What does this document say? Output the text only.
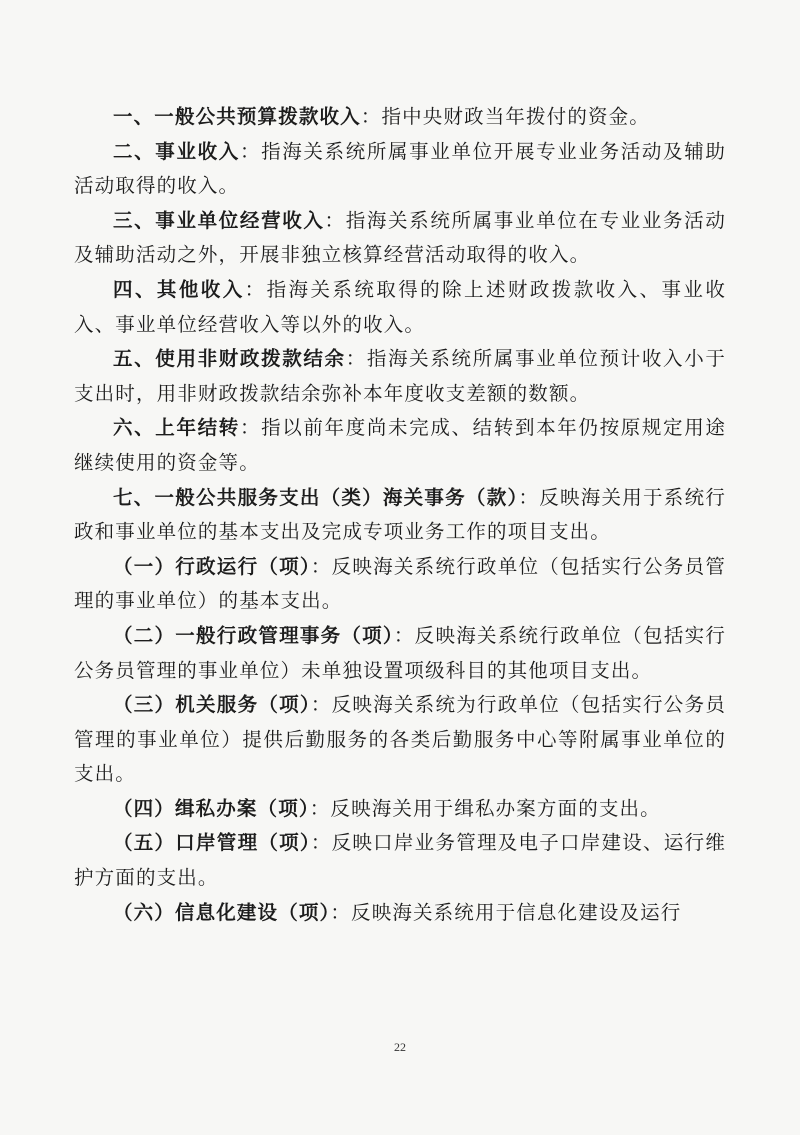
一、一般公共预算拨款收入：指中央财政当年拨付的资金。

二、事业收入：指海关系统所属事业单位开展专业业务活动及辅助活动取得的收入。

三、事业单位经营收入：指海关系统所属事业单位在专业业务活动及辅助活动之外，开展非独立核算经营活动取得的收入。

四、其他收入：指海关系统取得的除上述财政拨款收入、事业收入、事业单位经营收入等以外的收入。

五、使用非财政拨款结余：指海关系统所属事业单位预计收入小于支出时，用非财政拨款结余弥补本年度收支差额的数额。

六、上年结转：指以前年度尚未完成、结转到本年仍按原规定用途继续使用的资金等。

七、一般公共服务支出（类）海关事务（款）：反映海关用于系统行政和事业单位的基本支出及完成专项业务工作的项目支出。

（一）行政运行（项）：反映海关系统行政单位（包括实行公务员管理的事业单位）的基本支出。

（二）一般行政管理事务（项）：反映海关系统行政单位（包括实行公务员管理的事业单位）未单独设置项级科目的其他项目支出。

（三）机关服务（项）：反映海关系统为行政单位（包括实行公务员管理的事业单位）提供后勤服务的各类后勤服务中心等附属事业单位的支出。

（四）缉私办案（项）：反映海关用于缉私办案方面的支出。

（五）口岸管理（项）：反映口岸业务管理及电子口岸建设、运行维护方面的支出。

（六）信息化建设（项）：反映海关系统用于信息化建设及运行

22
